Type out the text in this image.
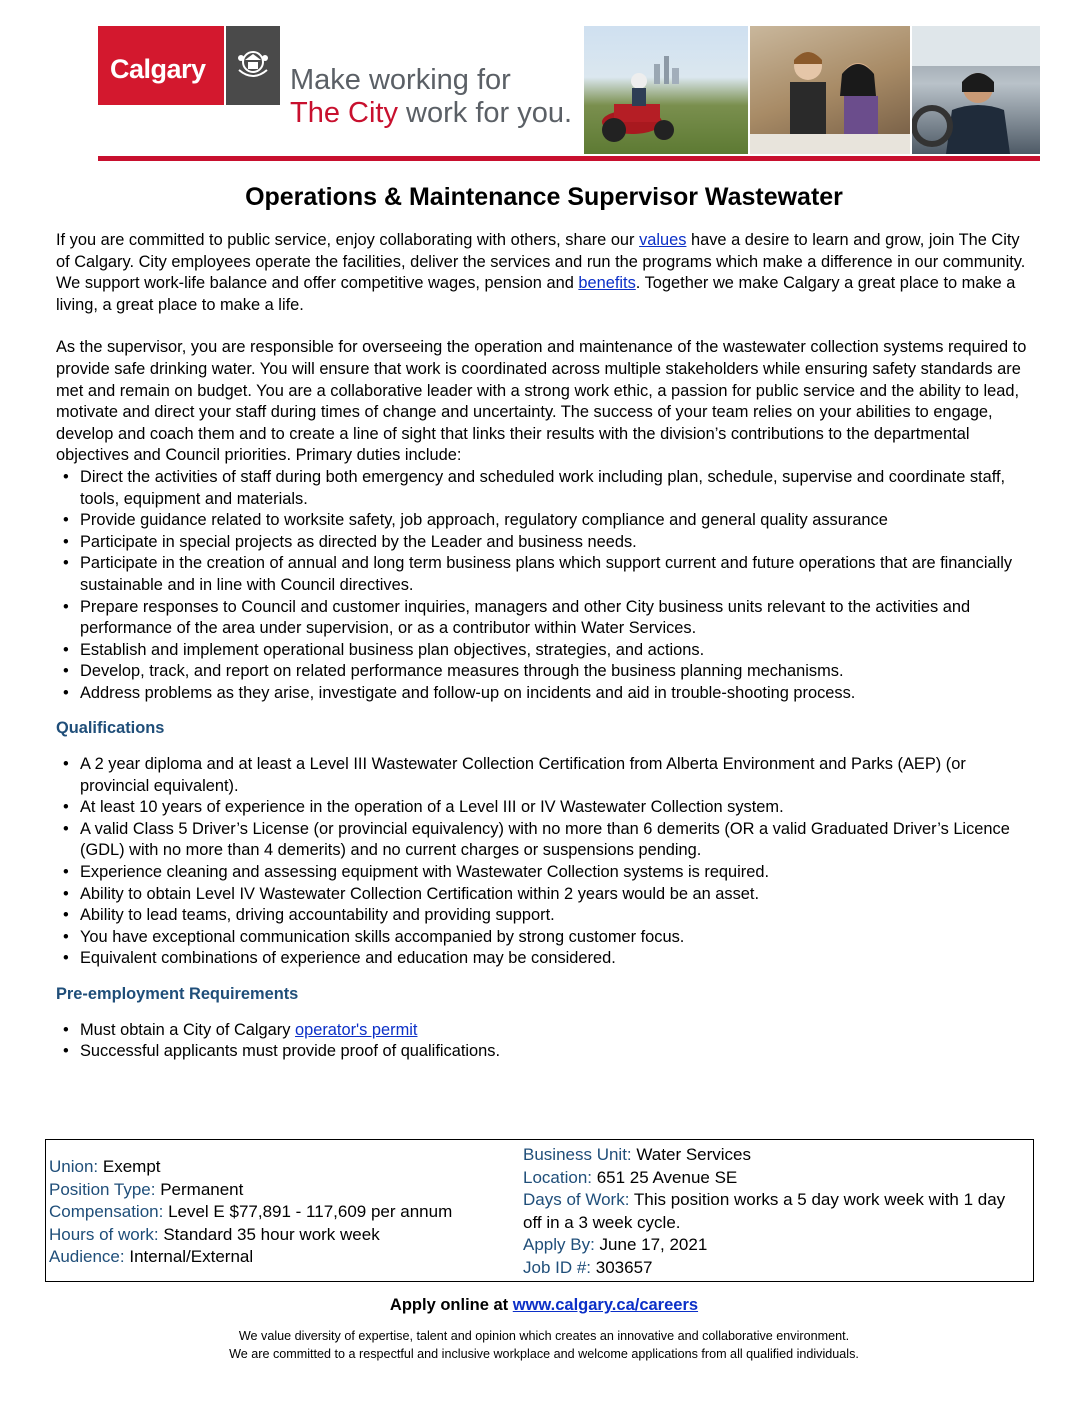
Calgary	Make working for
The City work for you.
Operations & Maintenance Supervisor Wastewater

If you are committed to public service, enjoy collaborating with others, share our values have a desire to learn and grow, join The City of Calgary. City employees operate the facilities, deliver the services and run the programs which make a difference in our community. We support work-life balance and offer competitive wages, pension and benefits. Together we make Calgary a great place to make a living, a great place to make a life.

As the supervisor, you are responsible for overseeing the operation and maintenance of the wastewater collection systems required to provide safe drinking water. You will ensure that work is coordinated across multiple stakeholders while ensuring safety standards are met and remain on budget. You are a collaborative leader with a strong work ethic, a passion for public service and the ability to lead, motivate and direct your staff during times of change and uncertainty. The success of your team relies on your abilities to engage, develop and coach them and to create a line of sight that links their results with the division’s contributions to the departmental objectives and Council priorities. Primary duties include:

• Direct the activities of staff during both emergency and scheduled work including plan, schedule, supervise and coordinate staff, tools, equipment and materials.
• Provide guidance related to worksite safety, job approach, regulatory compliance and general quality assurance
• Participate in special projects as directed by the Leader and business needs.
• Participate in the creation of annual and long term business plans which support current and future operations that are financially sustainable and in line with Council directives.
• Prepare responses to Council and customer inquiries, managers and other City business units relevant to the activities and performance of the area under supervision, or as a contributor within Water Services.
• Establish and implement operational business plan objectives, strategies, and actions.
• Develop, track, and report on related performance measures through the business planning mechanisms.
• Address problems as they arise, investigate and follow-up on incidents and aid in trouble-shooting process.
Qualifications
• A 2 year diploma and at least a Level III Wastewater Collection Certification from Alberta Environment and Parks (AEP) (or provincial equivalent).
• At least 10 years of experience in the operation of a Level III or IV Wastewater Collection system.
• A valid Class 5 Driver’s License (or provincial equivalency) with no more than 6 demerits (OR a valid Graduated Driver’s Licence (GDL) with no more than 4 demerits) and no current charges or suspensions pending.
• Experience cleaning and assessing equipment with Wastewater Collection systems is required.
• Ability to obtain Level IV Wastewater Collection Certification within 2 years would be an asset.
• Ability to lead teams, driving accountability and providing support.
• You have exceptional communication skills accompanied by strong customer focus.
• Equivalent combinations of experience and education may be considered.
Pre-employment Requirements
• Must obtain a City of Calgary operator's permit
• Successful applicants must provide proof of qualifications.
Union: Exempt
Position Type: Permanent
Compensation: Level E $77,891 - 117,609 per annum
Hours of work: Standard 35 hour work week
Audience: Internal/External
Business Unit: Water Services
Location: 651 25 Avenue SE
Days of Work: This position works a 5 day work week with 1 day off in a 3 week cycle.
Apply By: June 17, 2021
Job ID #: 303657
Apply online at www.calgary.ca/careers
We value diversity of expertise, talent and opinion which creates an innovative and collaborative environment.
We are committed to a respectful and inclusive workplace and welcome applications from all qualified individuals.
